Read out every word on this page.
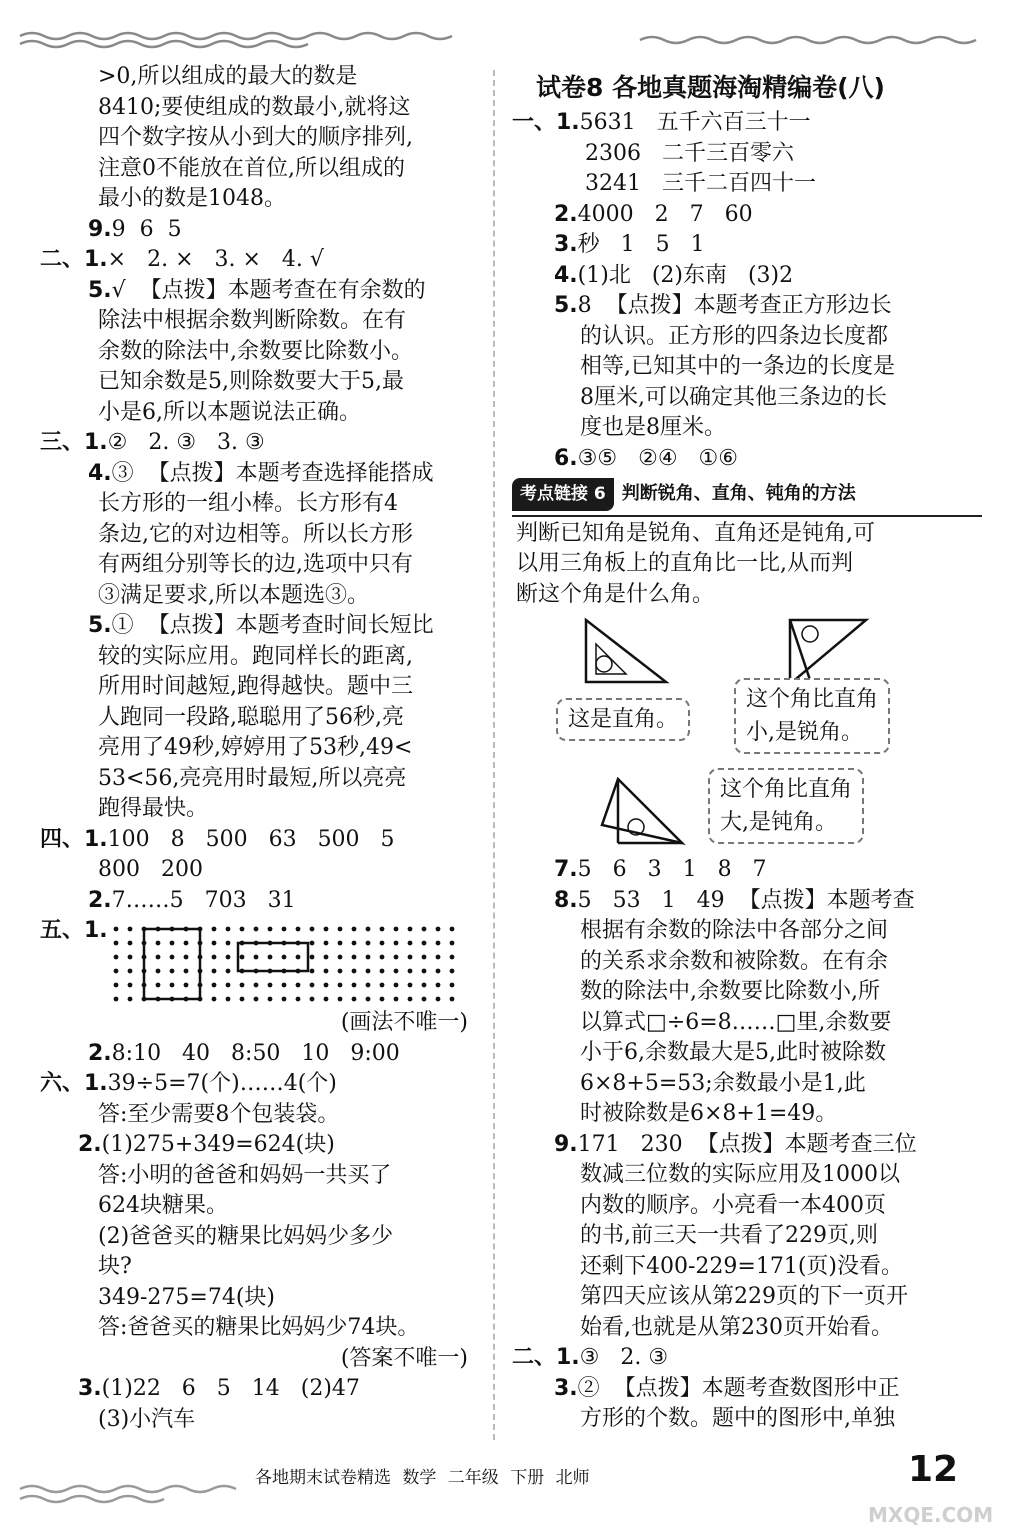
>0,所以组成的最大的数是
8410;要使组成的数最小,就将这
四个数字按从小到大的顺序排列,
注意0不能放在首位,所以组成的
最小的数是1048。
9.9  6  5
二、1.×   2. ×   3. ×   4. √
5.√  【点拨】本题考查在有余数的
除法中根据余数判断除数。在有
余数的除法中,余数要比除数小。
已知余数是5,则除数要大于5,最
小是6,所以本题说法正确。
三、1.②   2. ③   3. ③
4.③  【点拨】本题考查选择能搭成
长方形的一组小棒。长方形有4
条边,它的对边相等。所以长方形
有两组分别等长的边,选项中只有
③满足要求,所以本题选③。
5.①  【点拨】本题考查时间长短比
较的实际应用。跑同样长的距离,
所用时间越短,跑得越快。题中三
人跑同一段路,聪聪用了56秒,亮
亮用了49秒,婷婷用了53秒,49<
53<56,亮亮用时最短,所以亮亮
跑得最快。
四、1.100   8   500   63   500   5
800   200
2.7……5   703   31
五、1.
(画法不唯一)
2.8:10   40   8:50   10   9:00
六、1.39÷5=7(个)……4(个)
答:至少需要8个包装袋。
2.(1)275+349=624(块)
答:小明的爸爸和妈妈一共买了
624块糖果。
(2)爸爸买的糖果比妈妈少多少
块?
349-275=74(块)
答:爸爸买的糖果比妈妈少74块。
(答案不唯一)
3.(1)22   6   5   14   (2)47
(3)小汽车
试卷8 各地真题海淘精编卷(八)
一、1.5631   五千六百三十一
2306   二千三百零六
3241   三千二百四十一
2.4000   2   7   60
3.秒   1   5   1
4.(1)北   (2)东南   (3)2
5.8  【点拨】本题考查正方形边长
的认识。正方形的四条边长度都
相等,已知其中的一条边的长度是
8厘米,可以确定其他三条边的长
度也是8厘米。
6.③⑤   ②④   ①⑥
考点链接 6 判断锐角、直角、钝角的方法
判断已知角是锐角、直角还是钝角,可
以用三角板上的直角比一比,从而判
断这个角是什么角。
这是直角。
这个角比直角
小,是锐角。
这个角比直角
大,是钝角。
7.5   6   3   1   8   7
8.5   53   1   49  【点拨】本题考查
根据有余数的除法中各部分之间
的关系求余数和被除数。在有余
数的除法中,余数要比除数小,所
以算式□÷6=8……□里,余数要
小于6,余数最大是5,此时被除数
6×8+5=53;余数最小是1,此
时被除数是6×8+1=49。
9.171   230  【点拨】本题考查三位
数减三位数的实际应用及1000以
内数的顺序。小亮看一本400页
的书,前三天一共看了229页,则
还剩下400-229=171(页)没看。
第四天应该从第229页的下一页开
始看,也就是从第230页开始看。
二、1.③   2. ③
3.②  【点拨】本题考查数图形中正
方形的个数。题中的图形中,单独
各地期末试卷精选 数学 二年级 下册 北师	12
MXQE.COM
